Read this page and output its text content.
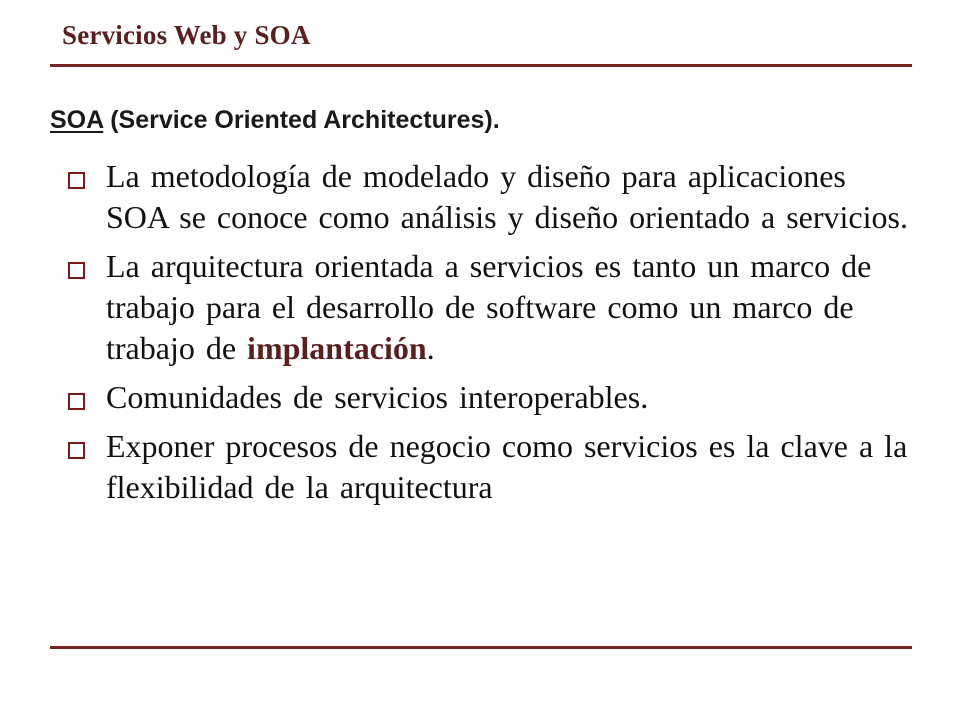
Servicios Web y SOA
SOA (Service Oriented Architectures).
La metodología de modelado y diseño para aplicaciones SOA se conoce como análisis y diseño orientado a servicios.
La arquitectura orientada a servicios es tanto un marco de trabajo para el desarrollo de software como un marco de trabajo de implantación.
Comunidades de servicios interoperables.
Exponer procesos de negocio como servicios es la clave a la flexibilidad de la arquitectura
